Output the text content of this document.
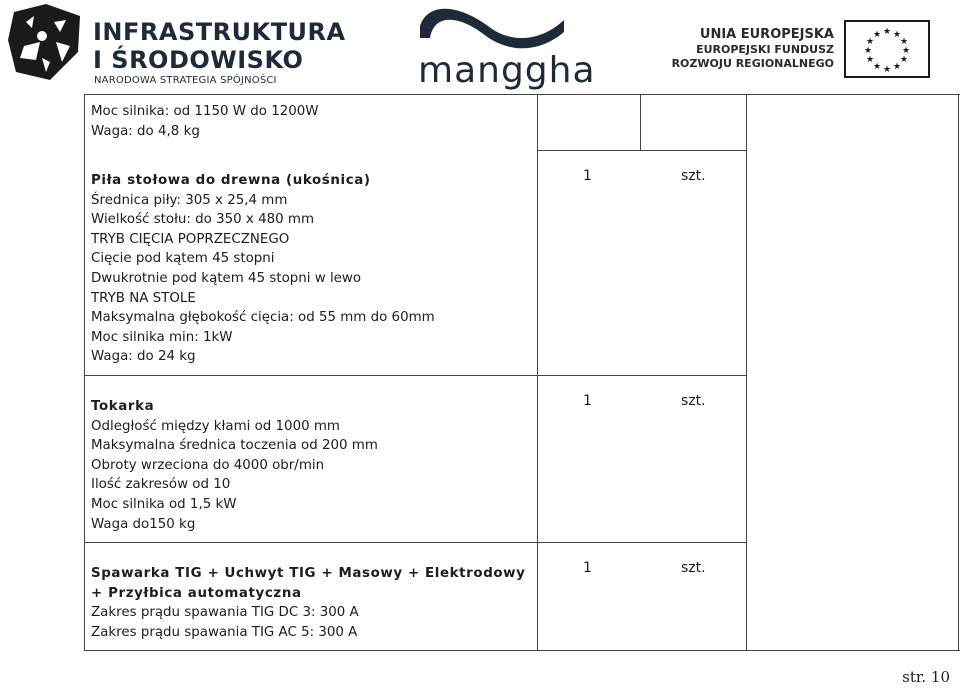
INFRASTRUKTURA
I ŚRODOWISKO
NARODOWA STRATEGIA SPÓJNOŚCI	manggha
UNIA EUROPEJSKA
EUROPEJSKI FUNDUSZ
ROZWOJU REGIONALNEGO
★ ★
★
★
★
★
★
★
★
★
★
★
Moc silnika: od 1150 W do 1200W
Waga: do 4,8 kg
Piła stołowa do drewna (ukośnica)
Średnica piły: 305 x 25,4 mm
Wielkość stołu: do 350 x 480 mm
TRYB CIĘCIA POPRZECZNEGO
Cięcie pod kątem 45 stopni
Dwukrotnie pod kątem 45 stopni w lewo
TRYB NA STOLE
Maksymalna głębokość cięcia: od 55 mm do 60mm
Moc silnika min: 1kW
Waga: do 24 kg
1	szt.
Tokarka
Odległość między kłami od 1000 mm
Maksymalna średnica toczenia od 200 mm
Obroty wrzeciona do 4000 obr/min
Ilość zakresów od 10
Moc silnika od 1,5 kW
Waga do150 kg
1	szt.
Spawarka TIG + Uchwyt TIG + Masowy + Elektrodowy
+ Przyłbica automatyczna
Zakres prądu spawania TIG DC 3: 300 A
Zakres prądu spawania TIG AC 5: 300 A
1	szt.
str. 10
